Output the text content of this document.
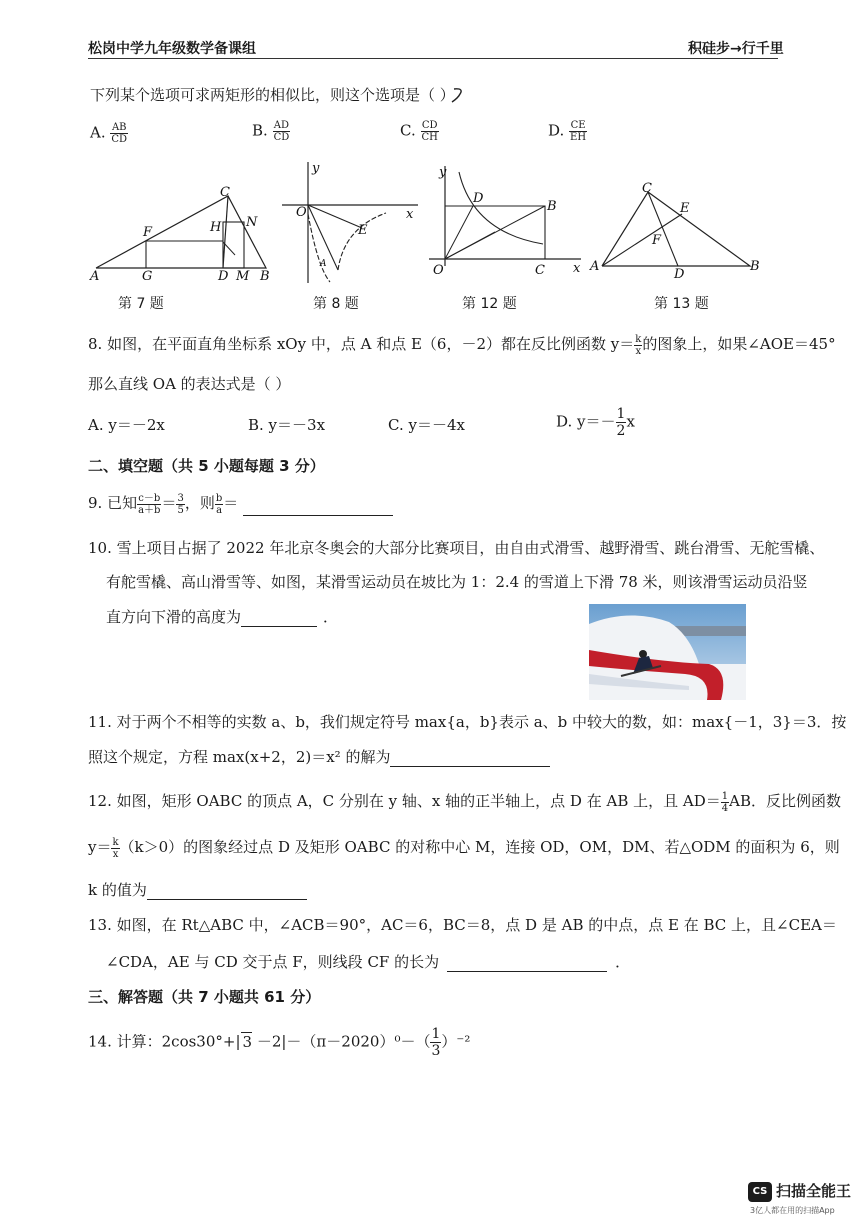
松岗中学九年级数学备课组	积硅步→行千里
下列某个选项可求两矩形的相似比，则这个选项是（ ）
A. $\frac{AB}{CD}$	B. $\frac{AD}{CD}$	C. $\frac{CD}{CH}$	D. $\frac{CE}{EH}$
C
N
F	H
A	G	D M B
第 7 题
y
O	x
E
A
第 8 题
y
D
B
O	C x
第 12 题
C
E
F
A
D
B
第 13 题
8. 如图，在平面直角坐标系 xOy 中，点 A 和点 E（6，－2）都在反比例函数 $y= \frac{k}{x}$ 的图象上，如果∠AOE＝45°
那么直线 OA 的表达式是（ ）
A. y＝－2x	B. y＝－3x	C. y＝－4x	D. $y=- \frac{1}{2}$ x
二、填空题（共 5 小题每题 3 分）
9. 已知 $\frac{c-b}{a+b} = \frac{3}{5}$ ，则 $\frac{b}{a}$ ＝
10. 雪上项目占据了 2022 年北京冬奥会的大部分比赛项目，由自由式滑雪、越野滑雪、跳台滑雪、无舵雪橇、
有舵雪橇、高山滑雪等、如图，某滑雪运动员在坡比为 1：2.4 的雪道上下滑 78 米，则该滑雪运动员沿竖
直方向下滑的高度为	．
11. 对于两个不相等的实数 a、b，我们规定符号 max{a，b}表示 a、b 中较大的数，如：max{－1，3}＝3．按
照这个规定，方程 max(x+2，2)＝x² 的解为
12. 如图，矩形 OABC 的顶点 A，C 分别在 y 轴、x 轴的正半轴上，点 D 在 AB 上，且 $AD= \frac{1}{4}$ AB．反比例函数
$y= \frac{k}{x} (k>0)$的图象经过点 D 及矩形 OABC 的对称中心 M，连接 OD，OM，DM、若△ODM 的面积为 6，则
k 的值为
13. 如图，在 Rt△ABC 中，∠ACB＝90°，AC＝6，BC＝8，点 D 是 AB 的中点，点 E 在 BC 上，且∠CEA＝
∠CDA，AE 与 CD 交于点 F，则线段 CF 的长为	．
三、解答题（共 7 小题共 61 分）
14. 计算：2cos30°+| $3 -2|-(\pi-2020)^0-( \frac{1}{3} )^{-2}$
CS 扫描全能王
3亿人都在用的扫描App
